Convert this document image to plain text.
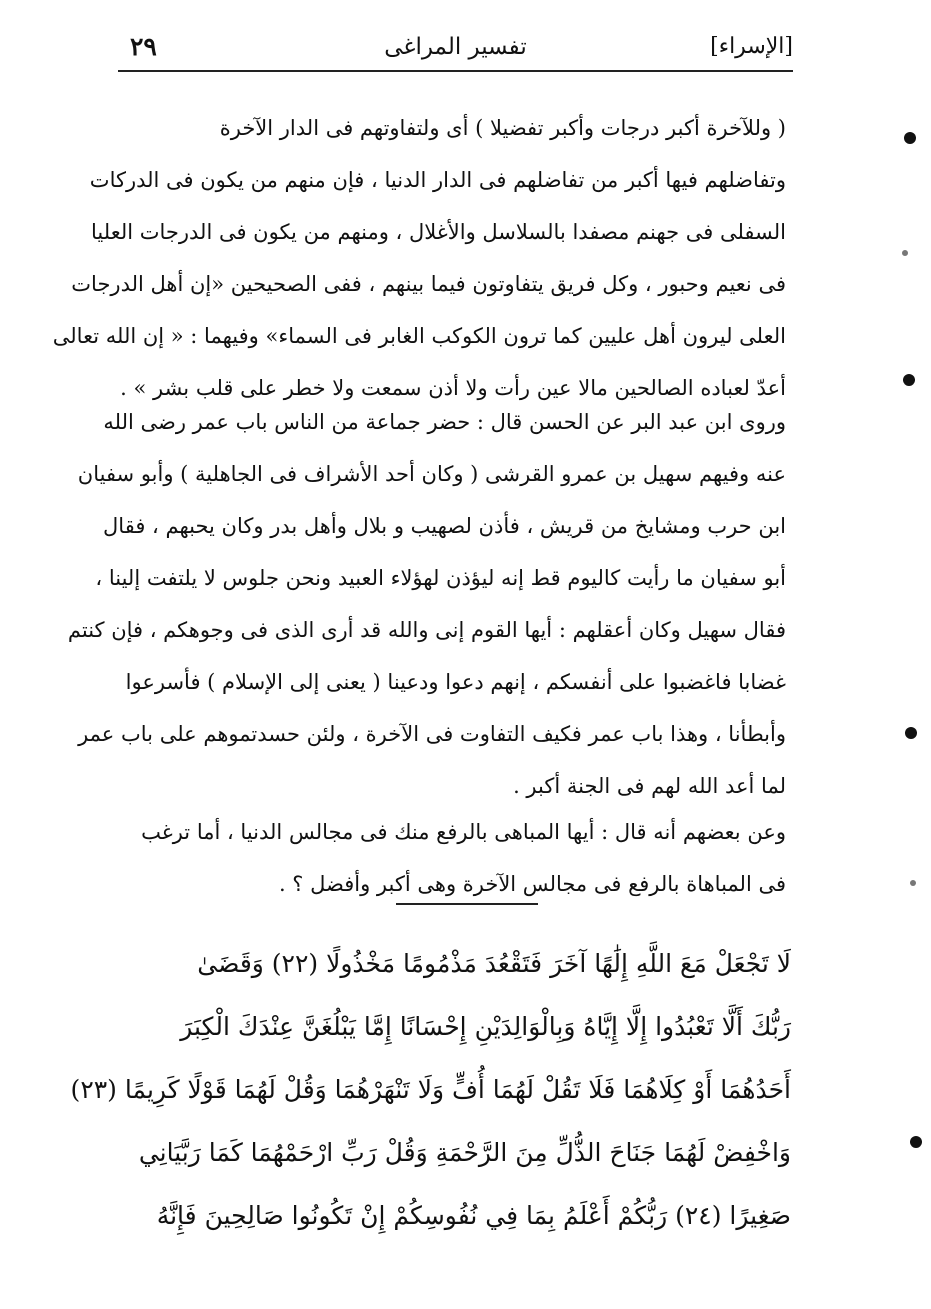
[الإسراء]
تفسير المراغى
٢٩
( وللآخرة أكبر درجات وأكبر تفضيلا ) أى ولتفاوتهم فى الدار الآخرة
وتفاضلهم فيها أكبر من تفاضلهم فى الدار الدنيا ، فإن منهم من يكون فى الدركات
السفلى فى جهنم مصفدا بالسلاسل والأغلال ، ومنهم من يكون فى الدرجات العليا
فى نعيم وحبور ، وكل فريق يتفاوتون فيما بينهم ، ففى الصحيحين «إن أهل الدرجات
العلى ليرون أهل عليين كما ترون الكوكب الغابر فى السماء» وفيهما : « إن الله تعالى
أعدّ لعباده الصالحين مالا عين رأت ولا أذن سمعت ولا خطر على قلب بشر » .
وروى ابن عبد البر عن الحسن قال : حضر جماعة من الناس باب عمر رضى الله
عنه وفيهم سهيل بن عمرو القرشى ( وكان أحد الأشراف فى الجاهلية ) وأبو سفيان
ابن حرب ومشايخ من قريش ، فأذن لصهيب و بلال وأهل بدر وكان يحبهم ، فقال
أبو سفيان ما رأيت كاليوم قط إنه ليؤذن لهؤلاء العبيد ونحن جلوس لا يلتفت إلينا ،
فقال سهيل وكان أعقلهم : أيها القوم إنى والله قد أرى الذى فى وجوهكم ، فإن كنتم
غضابا فاغضبوا على أنفسكم ، إنهم دعوا ودعينا ( يعنى إلى الإسلام ) فأسرعوا
وأبطأنا ، وهذا باب عمر فكيف التفاوت فى الآخرة ، ولئن حسدتموهم على باب عمر
لما أعد الله لهم فى الجنة أكبر .
وعن بعضهم أنه قال : أيها المباهى بالرفع منك فى مجالس الدنيا ، أما ترغب
فى المباهاة بالرفع فى مجالس الآخرة وهى أكبر وأفضل ؟ .
لَا تَجْعَلْ مَعَ اللَّهِ إِلَٰهًا آخَرَ فَتَقْعُدَ مَذْمُومًا مَخْذُولًا (٢٢) وَقَضَىٰ
رَبُّكَ أَلَّا تَعْبُدُوا إِلَّا إِيَّاهُ وَبِالْوَالِدَيْنِ إِحْسَانًا إِمَّا يَبْلُغَنَّ عِنْدَكَ الْكِبَرَ
أَحَدُهُمَا أَوْ كِلَاهُمَا فَلَا تَقُلْ لَهُمَا أُفٍّ وَلَا تَنْهَرْهُمَا وَقُلْ لَهُمَا قَوْلًا كَرِيمًا (٢٣)
وَاخْفِضْ لَهُمَا جَنَاحَ الذُّلِّ مِنَ الرَّحْمَةِ وَقُلْ رَبِّ ارْحَمْهُمَا كَمَا رَبَّيَانِي
صَغِيرًا (٢٤) رَبُّكُمْ أَعْلَمُ بِمَا فِي نُفُوسِكُمْ إِنْ تَكُونُوا صَالِحِينَ فَإِنَّهُ
